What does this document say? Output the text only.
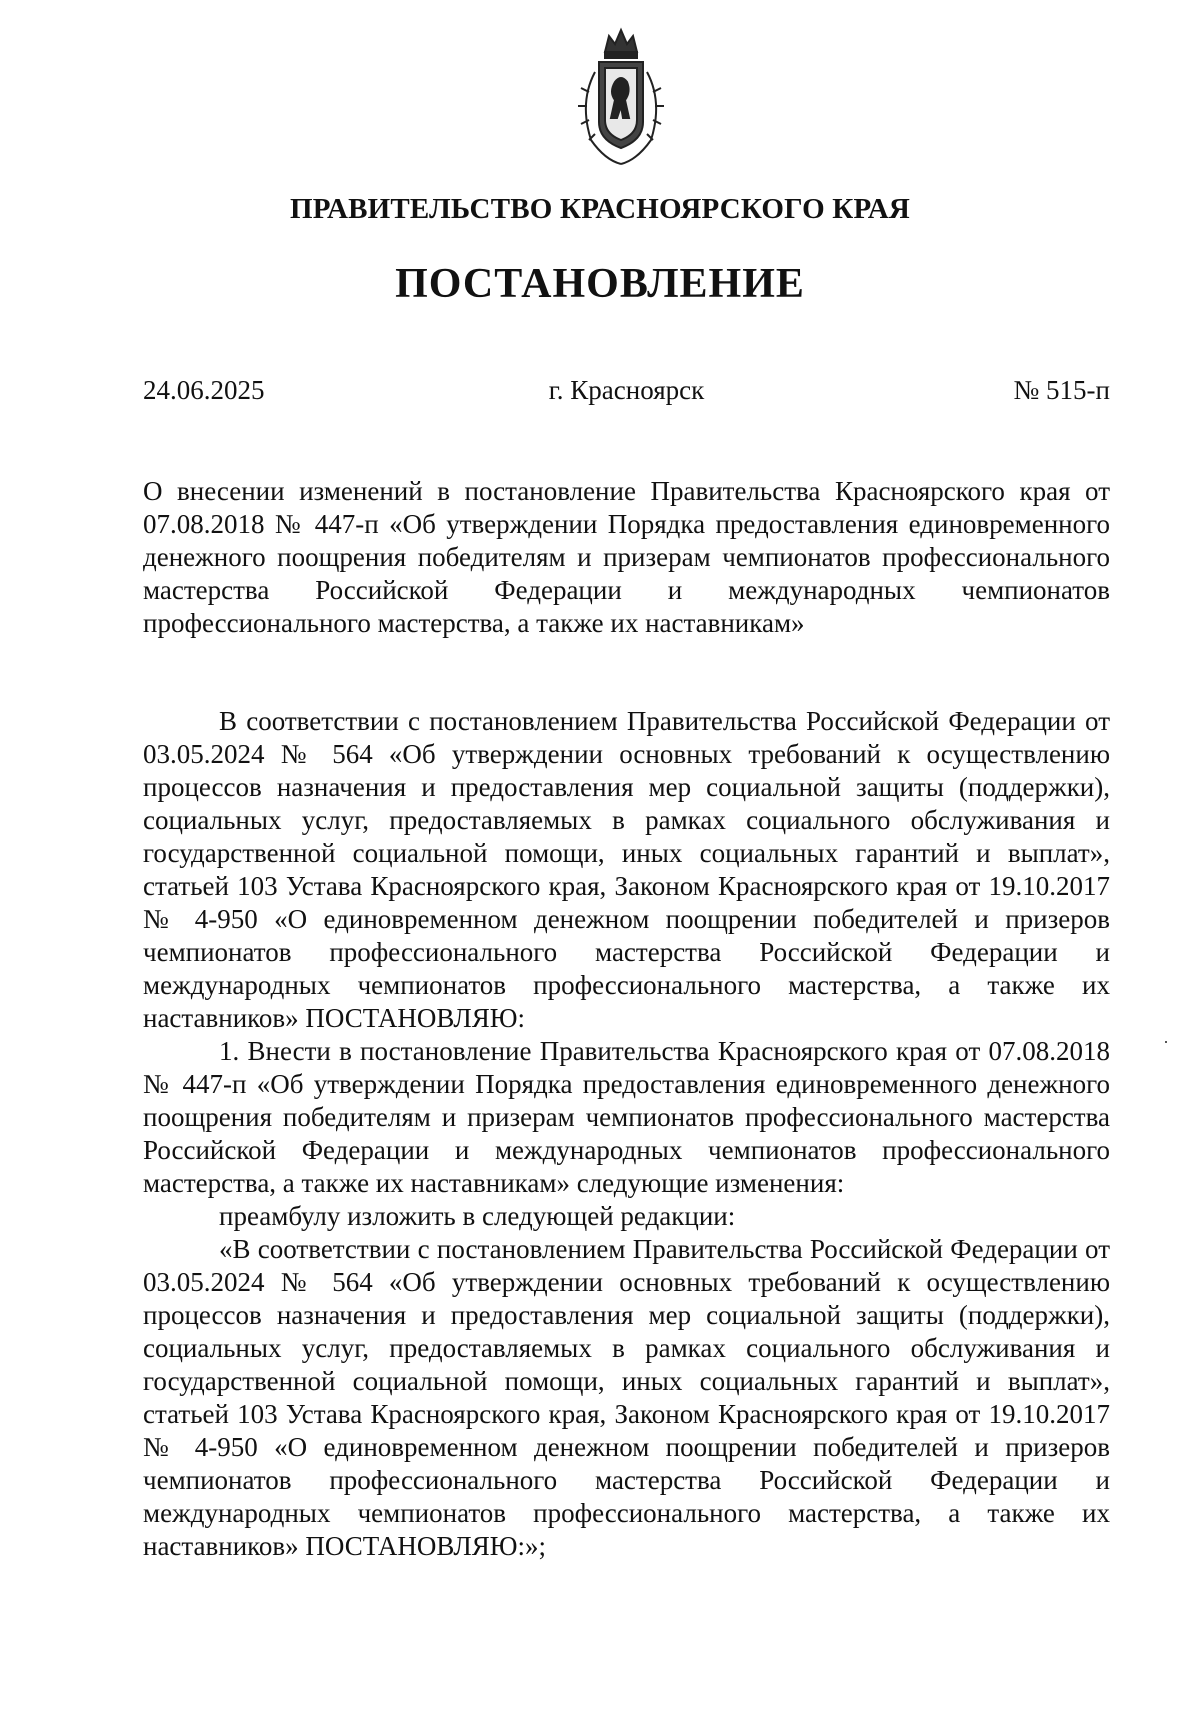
ПРАВИТЕЛЬСТВО КРАСНОЯРСКОГО КРАЯ
ПОСТАНОВЛЕНИЕ
24.06.2025	г. Красноярск	№ 515-п
О внесении изменений в постановление Правительства Красноярского края от 07.08.2018 № 447-п «Об утверждении Порядка предоставления единовременного денежного поощрения победителям и призерам чемпионатов профессионального мастерства Российской Федерации и международных чемпионатов профессионального мастерства, а также их наставникам»

В соответствии с постановлением Правительства Российской Федерации от 03.05.2024 № 564 «Об утверждении основных требований к осуществлению процессов назначения и предоставления мер социальной защиты (поддержки), социальных услуг, предоставляемых в рамках социального обслуживания и государственной социальной помощи, иных социальных гарантий и выплат», статьей 103 Устава Красноярского края, Законом Красноярского края от 19.10.2017 № 4-950 «О единовременном денежном поощрении победителей и призеров чемпионатов профессионального мастерства Российской Федерации и международных чемпионатов профессионального мастерства, а также их наставников» ПОСТАНОВЛЯЮ:

1. Внести в постановление Правительства Красноярского края от 07.08.2018 № 447-п «Об утверждении Порядка предоставления единовременного денежного поощрения победителям и призерам чемпионатов профессионального мастерства Российской Федерации и международных чемпионатов профессионального мастерства, а также их наставникам» следующие изменения:

преамбулу изложить в следующей редакции:

«В соответствии с постановлением Правительства Российской Федерации от 03.05.2024 № 564 «Об утверждении основных требований к осуществлению процессов назначения и предоставления мер социальной защиты (поддержки), социальных услуг, предоставляемых в рамках социального обслуживания и государственной социальной помощи, иных социальных гарантий и выплат», статьей 103 Устава Красноярского края, Законом Красноярского края от 19.10.2017 № 4-950 «О единовременном денежном поощрении победителей и призеров чемпионатов профессионального мастерства Российской Федерации и международных чемпионатов профессионального мастерства, а также их наставников» ПОСТАНОВЛЯЮ:»;
